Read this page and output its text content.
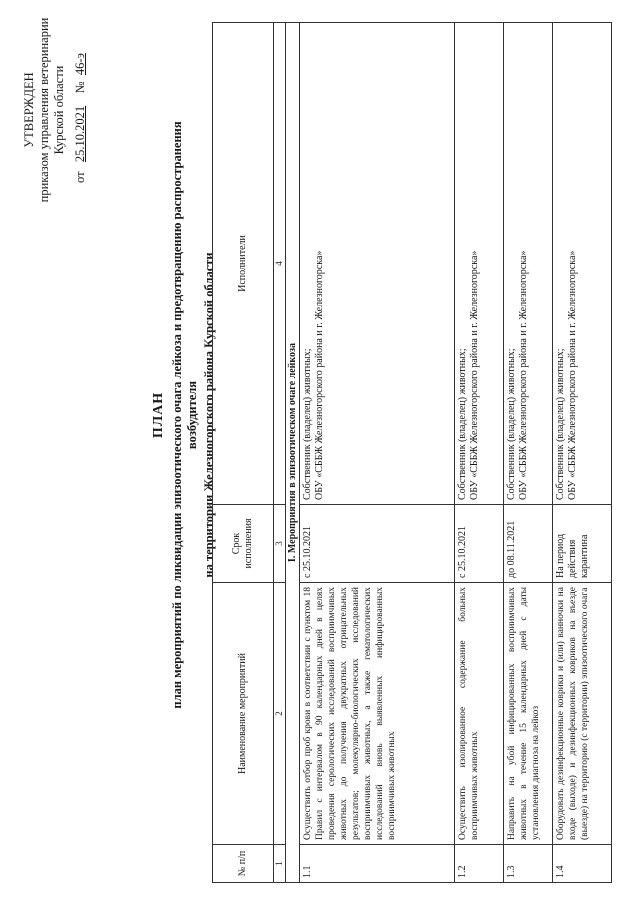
УТВЕРЖДЕН приказом управления ветеринарии Курской области
от   25.10.2021    №  46-э
ПЛАН план мероприятий по ликвидации эпизоотического очага лейкоза и предотвращению распространения возбудителя на территории Железногорского района Курской области
№ п/п	Наименование мероприятий	Срок исполнения	Исполнители
1	2	3	4
I. Мероприятия в эпизоотическом очаге лейкоза			
1.1	Осуществить отбор проб крови в соответствии с пунктом 18 Правил с интервалом в 90 календарных дней в целях проведения серологических исследований восприимчивых животных до получения двукратных отрицательных результатов; молекулярно-биологических исследований восприимчивых животных, а также гематологических исследований вновь выявленных инфицированных восприимчивых животных	с 25.10.2021	Собственник (владелец) животных; ОБУ «СББЖ Железногорского района и г. Железногорска»

1.2	Осуществить изолированное содержание больных восприимчивых животных	с 25.10.2021	Собственник (владелец) животных; ОБУ «СББЖ Железногорского района и г. Железногорска»

1.3	Направить на убой инфицированных восприимчивых животных в течение 15 календарных дней с даты установления диагноза на лейкоз	до 08.11.2021	Собственник (владелец) животных; ОБУ «СББЖ Железногорского района и г. Железногорска»

1.4	Оборудовать дезинфекционные коврики и (или) ванночки на входе (выходе) и дезинфекционных ковриков на въезде (выезде) на территорию (с территории) эпизоотического очага	На период действия карантина	Собственник (владелец) животных; ОБУ «СББЖ Железногорского района и г. Железногорска»
